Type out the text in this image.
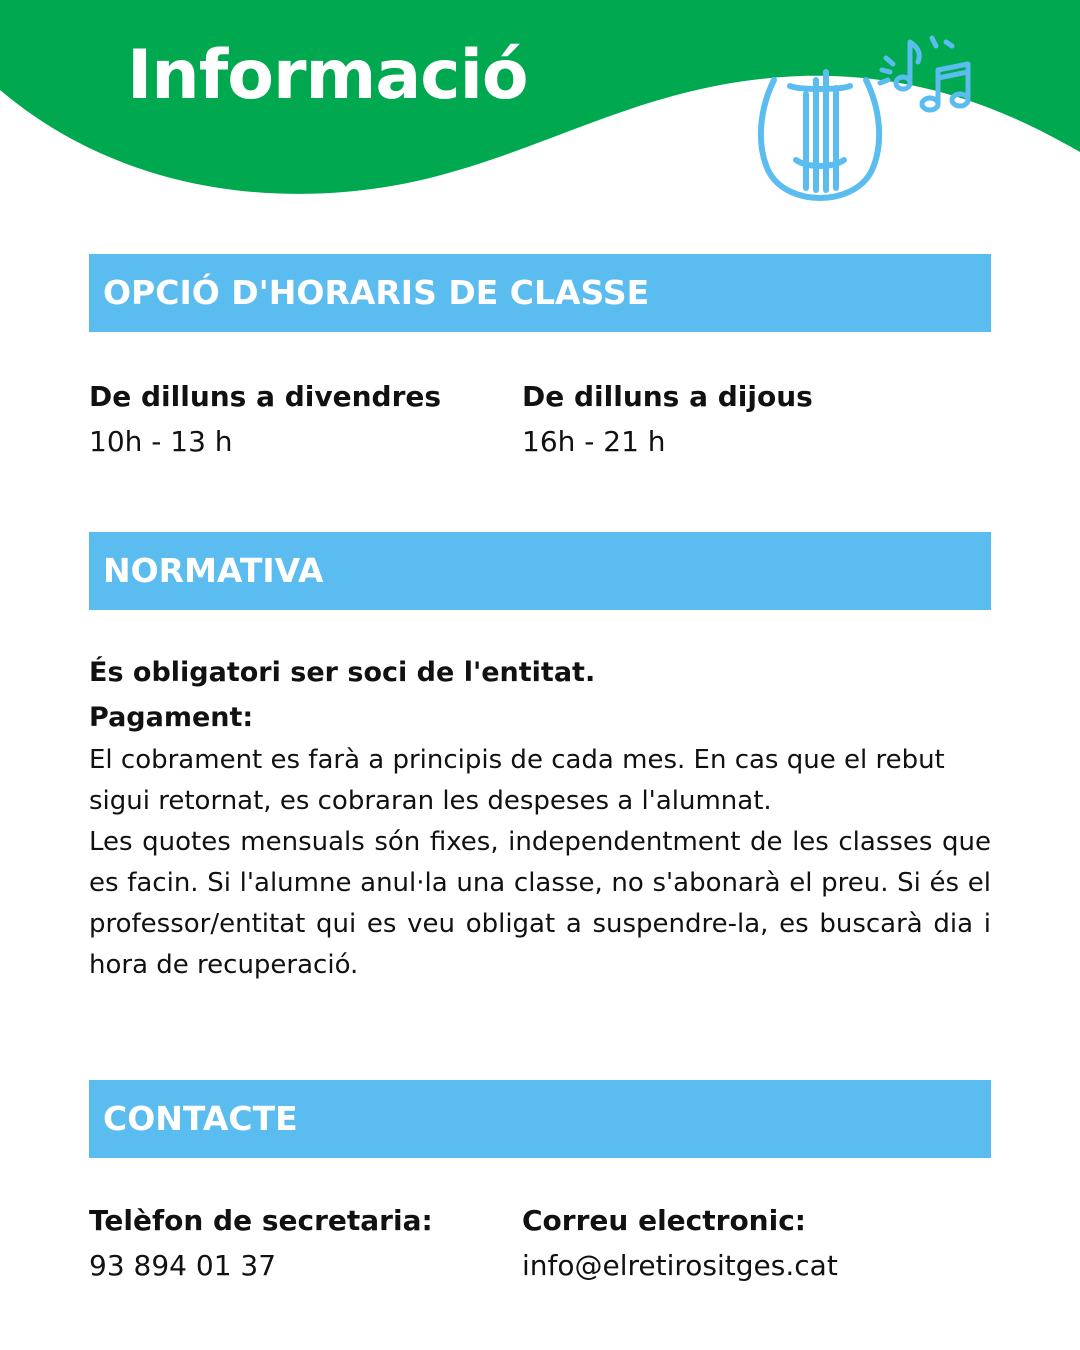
Informació
OPCIÓ D'HORARIS DE CLASSE
De dilluns a divendres
10h - 13 h
De dilluns a dijous
16h - 21 h
NORMATIVA
És obligatori ser soci de l'entitat.
Pagament:

El cobrament es farà a principis de cada mes. En cas que el rebut sigui retornat, es cobraran les despeses a l'alumnat.

Les quotes mensuals són fixes, independentment de les classes que es facin. Si l'alumne anul·la una classe, no s'abonarà el preu. Si és el professor/entitat qui es veu obligat a suspendre-la, es buscarà dia i hora de recuperació.

CONTACTE
Telèfon de secretaria:
93 894 01 37
Correu electronic:
info@elretirositges.cat
